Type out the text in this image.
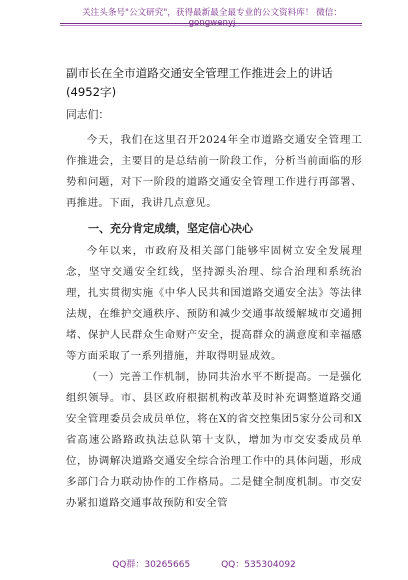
关注头条号"公文研究"，获得最新最全最专业的公文资料库！ 微信：
副市长在全市道路交通安全管理工作推进会上的讲话(4952字)

同志们：

今天，我们在这里召开2024年全市道路交通安全管理工作推进会，主要目的是总结前一阶段工作，分析当前面临的形势和问题，对下一阶段的道路交通安全管理工作进行再部署、再推进。下面，我讲几点意见。

一、充分肯定成绩，坚定信心决心

今年以来，市政府及相关部门能够牢固树立安全发展理念，坚守交通安全红线，坚持源头治理、综合治理和系统治理，扎实贯彻实施《中华人民共和国道路交通安全法》等法律法规，在维护交通秩序、预防和减少交通事故缓解城市交通拥堵、保护人民群众生命财产安全，提高群众的满意度和幸福感等方面采取了一系列措施，并取得明显成效。

（一）完善工作机制，协同共治水平不断提高。一是强化组织领导。市、县区政府根据机构改革及时补充调整道路交通安全管理委员会成员单位，将在X的省交控集团5家分公司和X省高速公路路政执法总队第十支队，增加为市交安委成员单位，协调解决道路交通安全综合治理工作中的具体问题，形成多部门合力联动协作的工作格局。二是健全制度机制。市交安办紧扣道路交通事故预防和安全管

QQ群：30265665	QQ：535304092
